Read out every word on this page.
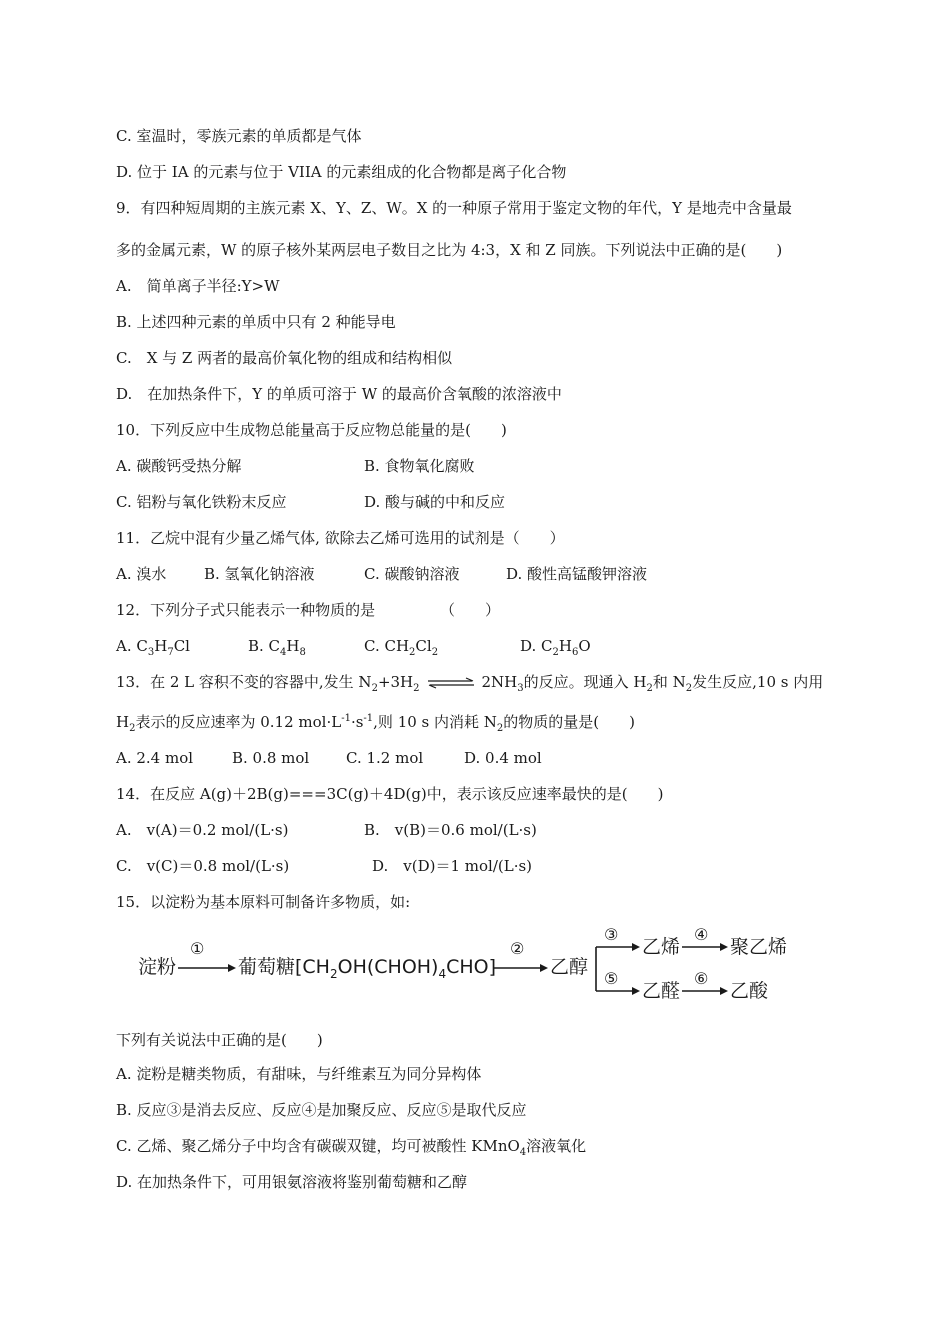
C. 室温时，零族元素的单质都是气体
D. 位于 IA 的元素与位于 VIIA 的元素组成的化合物都是离子化合物
9．有四种短周期的主族元素 X、Y、Z、W。X 的一种原子常用于鉴定文物的年代，Y 是地壳中含量最
多的金属元素，W 的原子核外某两层电子数目之比为 4:3，X 和 Z 同族。下列说法中正确的是(　　)
A.　简单离子半径:Y>W
B. 上述四种元素的单质中只有 2 种能导电
C.　X 与 Z 两者的最高价氧化物的组成和结构相似
D.　在加热条件下，Y 的单质可溶于 W 的最高价含氧酸的浓溶液中
10．下列反应中生成物总能量高于反应物总能量的是(　　)
A. 碳酸钙受热分解	B. 食物氧化腐败
C. 铝粉与氧化铁粉末反应	D. 酸与碱的中和反应
11．乙烷中混有少量乙烯气体, 欲除去乙烯可选用的试剂是（　　）
A. 溴水	B. 氢氧化钠溶液	C. 碳酸钠溶液	D. 酸性高锰酸钾溶液
12．下列分子式只能表示一种物质的是	（　　）
A. $C_3H_7Cl$	B. $C_4H_8$	C. $CH_2Cl_2$	D. $C_2H_6O$
13．在 2 L 容积不变的容器中,发生 $N_2+3H_2$ ⇌ $2NH_3$的反应。现通入 $H_2$和 $N_2$发生反应,10 s 内用
$H_2$表示的反应速率为 0.12 $mol\cdot L^{-1}\cdot s^{-1}$,则 10 s 内消耗 $N_2$的物质的量是(　　)
A. 2.4 mol	B. 0.8 mol C. 1.2 mol	D. 0.4 mol
14．在反应 A(g)＋2B(g)===3C(g)＋4D(g)中，表示该反应速率最快的是(　　)
A.　v(A)＝0.2 mol/(L·s)	B.　v(B)＝0.6 mol/(L·s)
C.　v(C)＝0.8 mol/(L·s)	D.　v(D)＝1 mol/(L·s)
15．以淀粉为基本原料可制备许多物质，如:
淀粉
①
葡萄糖$[CH_2OH(CHOH)_4CHO]$
②
乙醇
③
乙烯
④
聚乙烯
⑤
乙醛
⑥
乙酸
下列有关说法中正确的是(　　)
A. 淀粉是糖类物质，有甜味，与纤维素互为同分异构体
B. 反应③是消去反应、反应④是加聚反应、反应⑤是取代反应
C. 乙烯、聚乙烯分子中均含有碳碳双键，均可被酸性 KMnO$_4$溶液氧化
D. 在加热条件下，可用银氨溶液将鉴别葡萄糖和乙醇
